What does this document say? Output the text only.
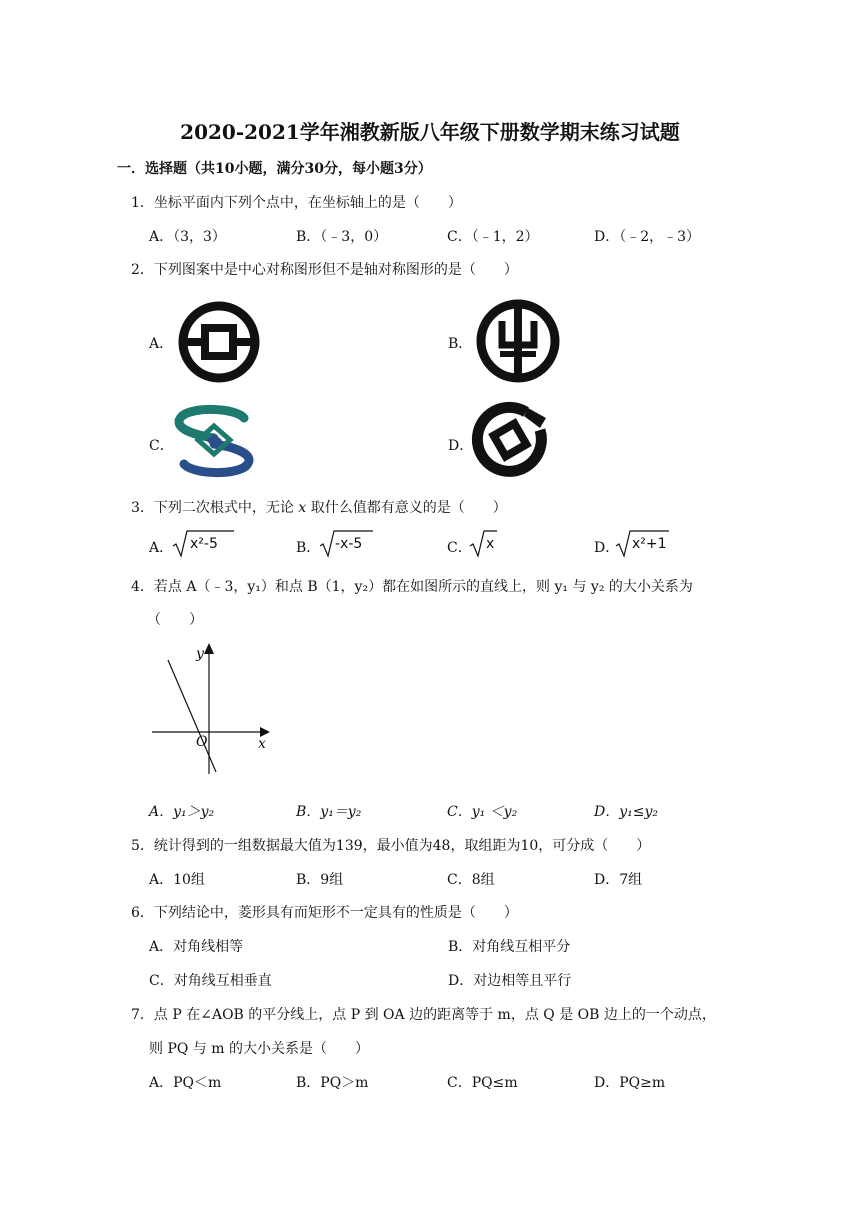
2020-2021学年湘教新版八年级下册数学期末练习试题
一．选择题（共10小题，满分30分，每小题3分）
1．坐标平面内下列个点中，在坐标轴上的是（　　）
A．（3，3）	B．（﹣3，0）	C．（﹣1，2）	D．（﹣2，﹣3）
2．下列图案中是中心对称图形但不是轴对称图形的是（　　）
A．	B．
C．	D．
3．下列二次根式中，无论 x 取什么值都有意义的是（　　）
A．	B．	C．	D．
x²-5	-x-5	x	x²+1
4．若点 A（﹣3，y₁）和点 B（1，y₂）都在如图所示的直线上，则 y₁ 与 y₂ 的大小关系为
（　　）
y
x
O
A．y₁＞y₂	B．y₁＝y₂	C．y₁ ＜y₂	D．y₁≤y₂
5．统计得到的一组数据最大值为139，最小值为48，取组距为10，可分成（　　）
A．10组	B．9组	C．8组	D．7组
6．下列结论中，菱形具有而矩形不一定具有的性质是（　　）
A．对角线相等	B．对角线互相平分
C．对角线互相垂直	D．对边相等且平行
7．点 P 在∠AOB 的平分线上，点 P 到 OA 边的距离等于 m，点 Q 是 OB 边上的一个动点，
则 PQ 与 m 的大小关系是（　　）
A．PQ＜m	B．PQ＞m	C．PQ≤m	D．PQ≥m
